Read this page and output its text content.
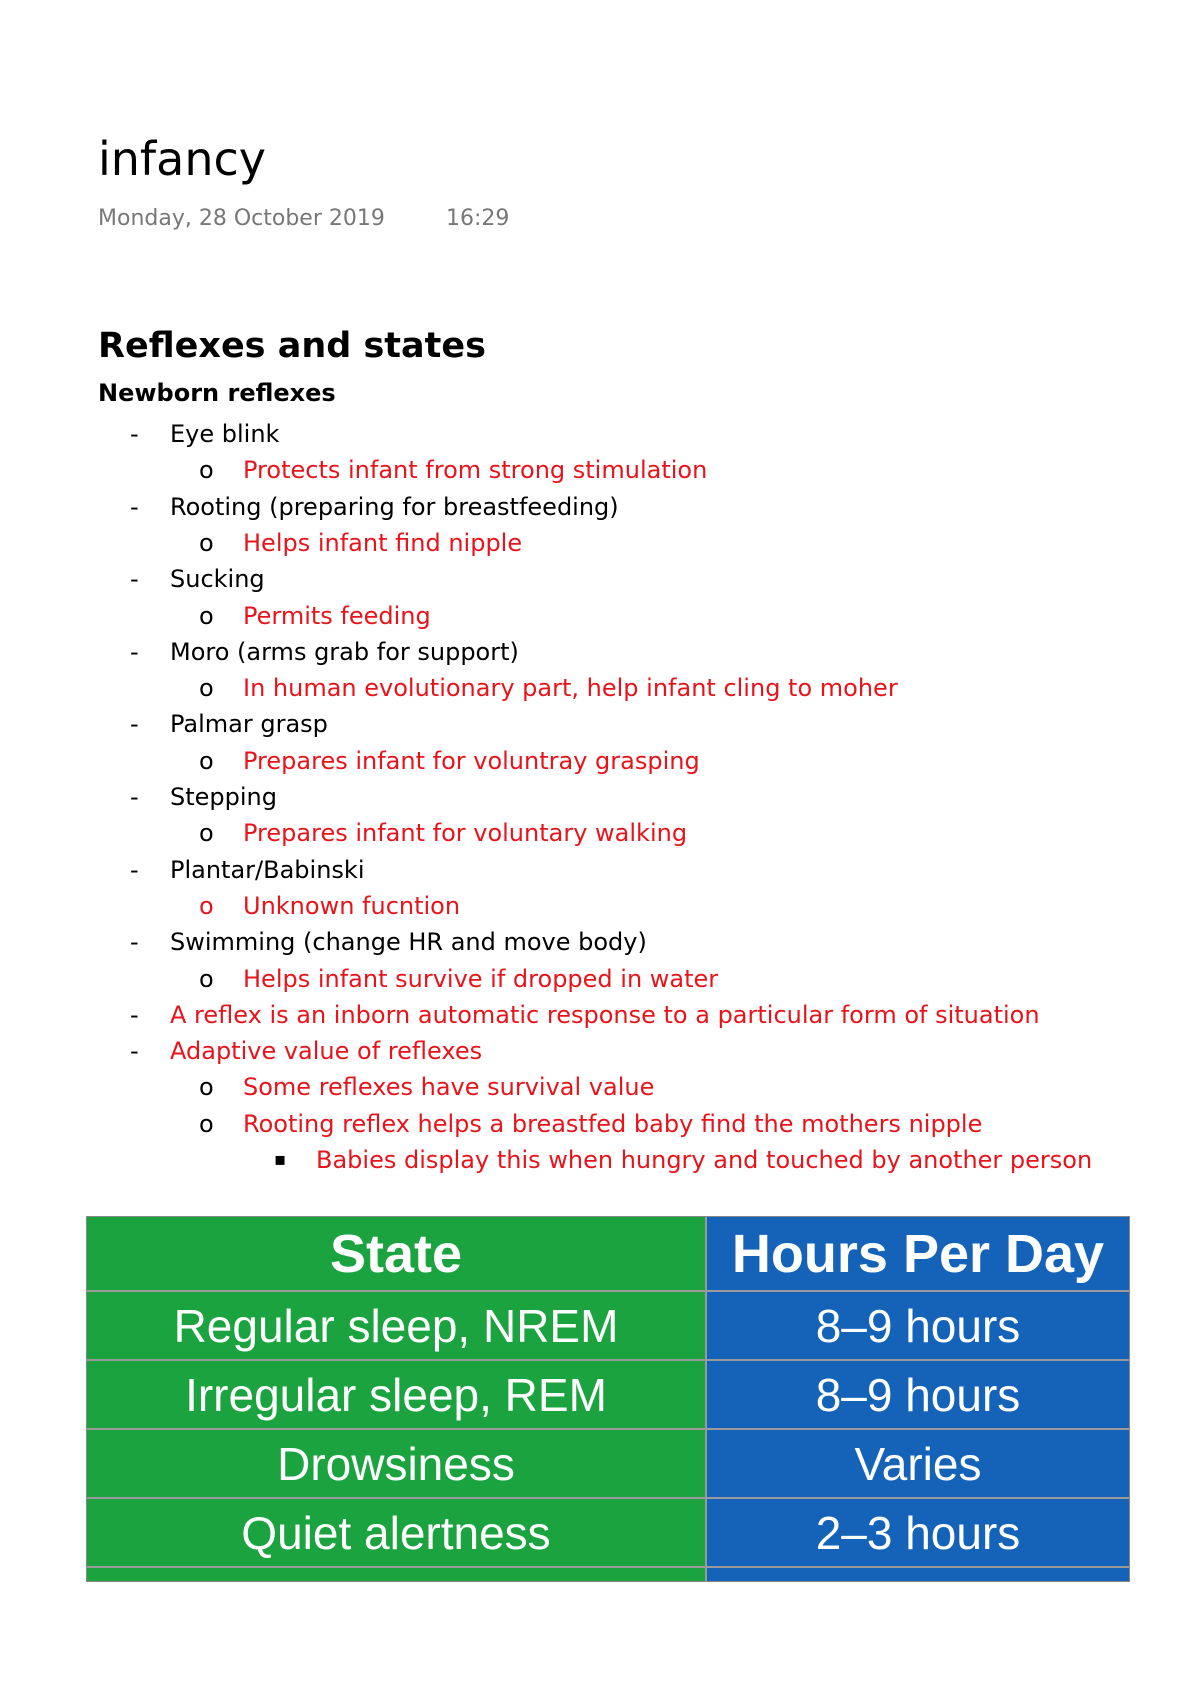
infancy
Monday, 28 October 2019	16:29
Reflexes and states
Newborn reflexes
- Eye blink
o Protects infant from strong stimulation
- Rooting (preparing for breastfeeding)
o Helps infant find nipple
- Sucking
o Permits feeding
- Moro (arms grab for support)
o In human evolutionary part, help infant cling to moher
- Palmar grasp
o Prepares infant for voluntray grasping
- Stepping
o Prepares infant for voluntary walking
- Plantar/Babinski
o Unknown fucntion
- Swimming (change HR and move body)
o Helps infant survive if dropped in water
- A reflex is an inborn automatic response to a particular form of situation
- Adaptive value of reflexes
o Some reflexes have survival value
o Rooting reflex helps a breastfed baby find the mothers nipple
▪ Babies display this when hungry and touched by another person
State	Hours Per Day
Regular sleep, NREM	8–9 hours
Irregular sleep, REM	8–9 hours
Drowsiness	Varies
Quiet alertness	2–3 hours
